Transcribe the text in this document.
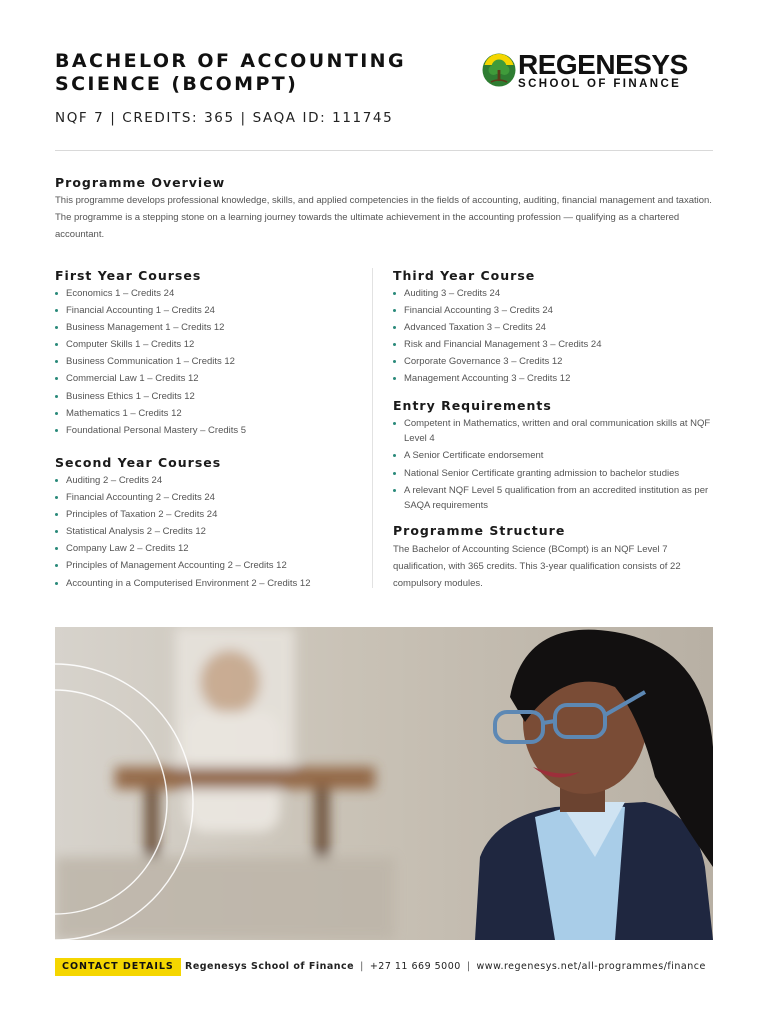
BACHELOR OF ACCOUNTING SCIENCE (BCOMPT)
NQF 7 | CREDITS: 365 | SAQA ID: 111745
REGENESYS
SCHOOL OF FINANCE
Programme Overview

This programme develops professional knowledge, skills, and applied competencies in the fields of accounting, auditing, financial management and taxation. The programme is a stepping stone on a learning journey towards the ultimate achievement in the accounting profession — qualifying as a chartered accountant.

First Year Courses
Economics 1 – Credits 24
Financial Accounting 1 – Credits 24
Business Management 1 – Credits 12
Computer Skills 1 – Credits 12
Business Communication 1 – Credits 12
Commercial Law 1 – Credits 12
Business Ethics 1 – Credits 12
Mathematics 1 – Credits 12
Foundational Personal Mastery – Credits 5
Second Year Courses
Auditing 2 – Credits 24
Financial Accounting 2 – Credits 24
Principles of Taxation 2 – Credits 24
Statistical Analysis 2 – Credits 12
Company Law 2 – Credits 12
Principles of Management Accounting 2 – Credits 12
Accounting in a Computerised Environment 2 – Credits 12
Third Year Course
Auditing 3 – Credits 24
Financial Accounting 3 – Credits 24
Advanced Taxation 3 – Credits 24
Risk and Financial Management 3 – Credits 24
Corporate Governance 3 – Credits 12
Management Accounting 3 – Credits 12
Entry Requirements
Competent in Mathematics, written and oral communication skills at NQF Level 4
A Senior Certificate endorsement
National Senior Certificate granting admission to bachelor studies
A relevant NQF Level 5 qualification from an accredited institution as per SAQA requirements
Programme Structure

The Bachelor of Accounting Science (BCompt) is an NQF Level 7 qualification, with 365 credits. This 3-year qualification consists of 22 compulsory modules.

CONTACT DETAILS	Regenesys School of Finance | +27 11 669 5000 | www.regenesys.net/all-programmes/finance
